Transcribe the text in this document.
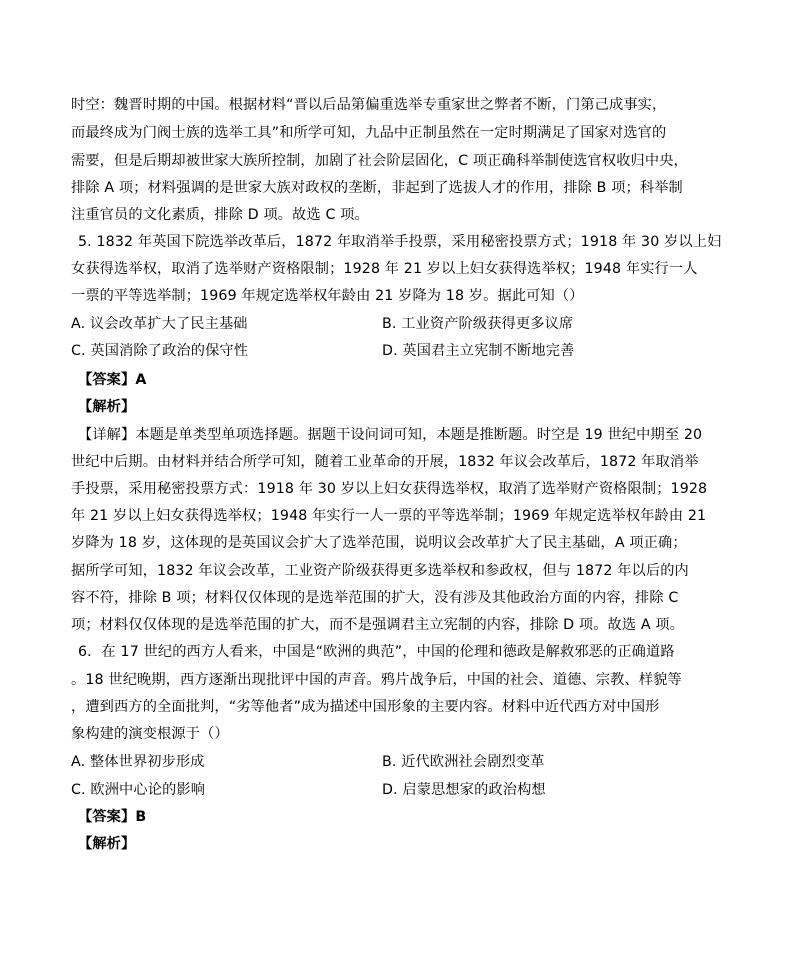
时空：魏晋时期的中国。根据材料“晋以后品第偏重选举专重家世之弊者不断，门第己成事实，
而最终成为门阀士族的选举工具”和所学可知，九品中正制虽然在一定时期满足了国家对选官的
需要，但是后期却被世家大族所控制，加剧了社会阶层固化，C 项正确科举制使选官权收归中央，
排除 A 项；材料强调的是世家大族对政权的垄断，非起到了选拔人才的作用，排除 B 项；科举制
注重官员的文化素质，排除 D 项。故选 C 项。
5. 1832 年英国下院选举改革后，1872 年取消举手投票，采用秘密投票方式；1918 年 30 岁以上妇
女获得选举权，取消了选举财产资格限制；1928 年 21 岁以上妇女获得选举权；1948 年实行一人
一票的平等选举制；1969 年规定选举权年龄由 21 岁降为 18 岁。据此可知（）
A. 议会改革扩大了民主基础	B. 工业资产阶级获得更多议席
C. 英国消除了政治的保守性	D. 英国君主立宪制不断地完善
【答案】A
【解析】
【详解】本题是单类型单项选择题。据题干设问词可知，本题是推断题。时空是 19 世纪中期至 20
世纪中后期。由材料并结合所学可知，随着工业革命的开展，1832 年议会改革后，1872 年取消举
手投票，采用秘密投票方式：1918 年 30 岁以上妇女获得选举权，取消了选举财产资格限制；1928
年 21 岁以上妇女获得选举权；1948 年实行一人一票的平等选举制；1969 年规定选举权年龄由 21
岁降为 18 岁，这体现的是英国议会扩大了选举范围，说明议会改革扩大了民主基础，A 项正确；
据所学可知，1832 年议会改革，工业资产阶级获得更多选举权和参政权，但与 1872 年以后的内
容不符，排除 B 项；材料仅仅体现的是选举范围的扩大，没有涉及其他政治方面的内容，排除 C
项；材料仅仅体现的是选举范围的扩大，而不是强调君主立宪制的内容，排除 D 项。故选 A 项。
6．在 17 世纪的西方人看来，中国是“欧洲的典范”，中国的伦理和德政是解救邪恶的正确道路
。18 世纪晚期，西方逐渐出现批评中国的声音。鸦片战争后，中国的社会、道德、宗教、样貌等
，遭到西方的全面批判，“劣等他者”成为描述中国形象的主要内容。材料中近代西方对中国形
象构建的演变根源于（）
A. 整体世界初步形成	B. 近代欧洲社会剧烈变革
C. 欧洲中心论的影响	D. 启蒙思想家的政治构想
【答案】B
【解析】
